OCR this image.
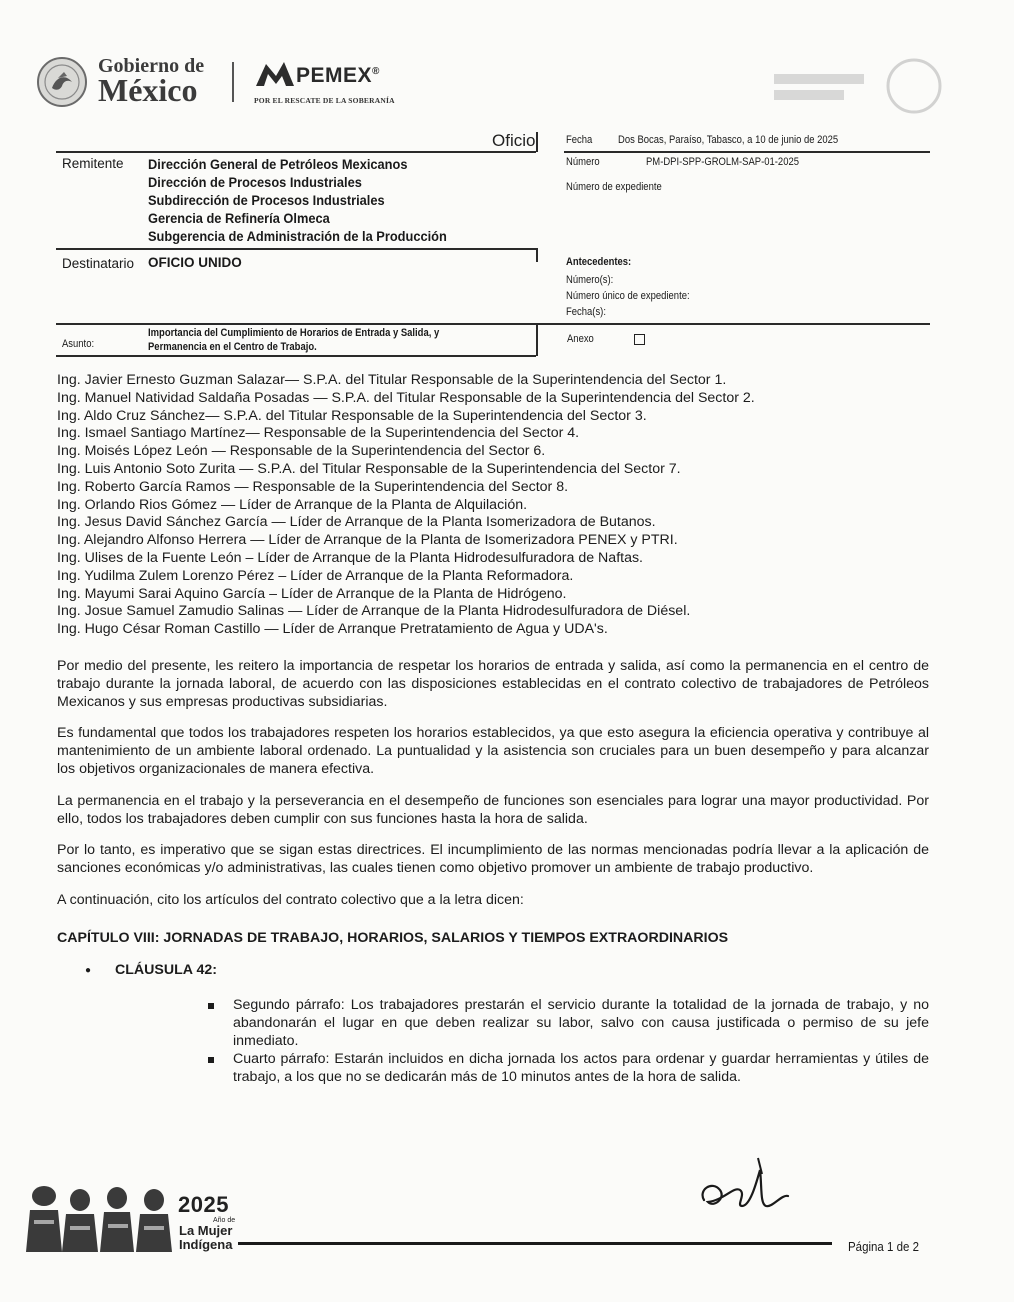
Gobierno de
México	PEMEX®
POR EL RESCATE DE LA SOBERANÍA
Oficio	Fecha Dos Bocas, Paraíso, Tabasco, a 10 de junio de 2025
Remitente Dirección General de Petróleos Mexicanos
Dirección de Procesos Industriales
Subdirección de Procesos Industriales
Gerencia de Refinería Olmeca
Subgerencia de Administración de la Producción
Número	PM-DPI-SPP-GROLM-SAP-01-2025
Número de expediente
Destinatario OFICIO UNIDO	Antecedentes:
Número(s):
Número único de expediente:
Fecha(s):
Asunto:
Importancia del Cumplimiento de Horarios de Entrada y Salida, y
Permanencia en el Centro de Trabajo.
Anexo
Ing. Javier Ernesto Guzman Salazar— S.P.A. del Titular Responsable de la Superintendencia del Sector 1.
Ing. Manuel Natividad Saldaña Posadas — S.P.A. del Titular Responsable de la Superintendencia del Sector 2.
Ing. Aldo Cruz Sánchez— S.P.A. del Titular Responsable de la Superintendencia del Sector 3.
Ing. Ismael Santiago Martínez— Responsable de la Superintendencia del Sector 4.
Ing. Moisés López León — Responsable de la Superintendencia del Sector 6.
Ing. Luis Antonio Soto Zurita — S.P.A. del Titular Responsable de la Superintendencia del Sector 7.
Ing. Roberto García Ramos — Responsable de la Superintendencia del Sector 8.
Ing. Orlando Rios Gómez — Líder de Arranque de la Planta de Alquilación.
Ing. Jesus David Sánchez García — Líder de Arranque de la Planta Isomerizadora de Butanos.
Ing. Alejandro Alfonso Herrera — Líder de Arranque de la Planta de Isomerizadora PENEX y PTRI.
Ing. Ulises de la Fuente León – Líder de Arranque de la Planta Hidrodesulfuradora de Naftas.
Ing. Yudilma Zulem Lorenzo Pérez – Líder de Arranque de la Planta Reformadora.
Ing. Mayumi Sarai Aquino García – Líder de Arranque de la Planta de Hidrógeno.
Ing. Josue Samuel Zamudio Salinas — Líder de Arranque de la Planta Hidrodesulfuradora de Diésel.
Ing. Hugo César Roman Castillo — Líder de Arranque Pretratamiento de Agua y UDA's.
Por medio del presente, les reitero la importancia de respetar los horarios de entrada y salida, así como la permanencia en el centro de trabajo durante la jornada laboral, de acuerdo con las disposiciones establecidas en el contrato colectivo de trabajadores de Petróleos Mexicanos y sus empresas productivas subsidiarias.
Es fundamental que todos los trabajadores respeten los horarios establecidos, ya que esto asegura la eficiencia operativa y contribuye al mantenimiento de un ambiente laboral ordenado. La puntualidad y la asistencia son cruciales para un buen desempeño y para alcanzar los objetivos organizacionales de manera efectiva.
La permanencia en el trabajo y la perseverancia en el desempeño de funciones son esenciales para lograr una mayor productividad. Por ello, todos los trabajadores deben cumplir con sus funciones hasta la hora de salida.
Por lo tanto, es imperativo que se sigan estas directrices. El incumplimiento de las normas mencionadas podría llevar a la aplicación de sanciones económicas y/o administrativas, las cuales tienen como objetivo promover un ambiente de trabajo productivo.
A continuación, cito los artículos del contrato colectivo que a la letra dicen:
CAPÍTULO VIII: JORNADAS DE TRABAJO, HORARIOS, SALARIOS Y TIEMPOS EXTRAORDINARIOS
● CLÁUSULA 42:
Segundo párrafo: Los trabajadores prestarán el servicio durante la totalidad de la jornada de trabajo, y no abandonarán el lugar en que deben realizar su labor, salvo con causa justificada o permiso de su jefe inmediato.
Cuarto párrafo: Estarán incluidos en dicha jornada los actos para ordenar y guardar herramientas y útiles de trabajo, a los que no se dedicarán más de 10 minutos antes de la hora de salida.
2025
Año de
La Mujer
Indígena	Página 1 de 2
